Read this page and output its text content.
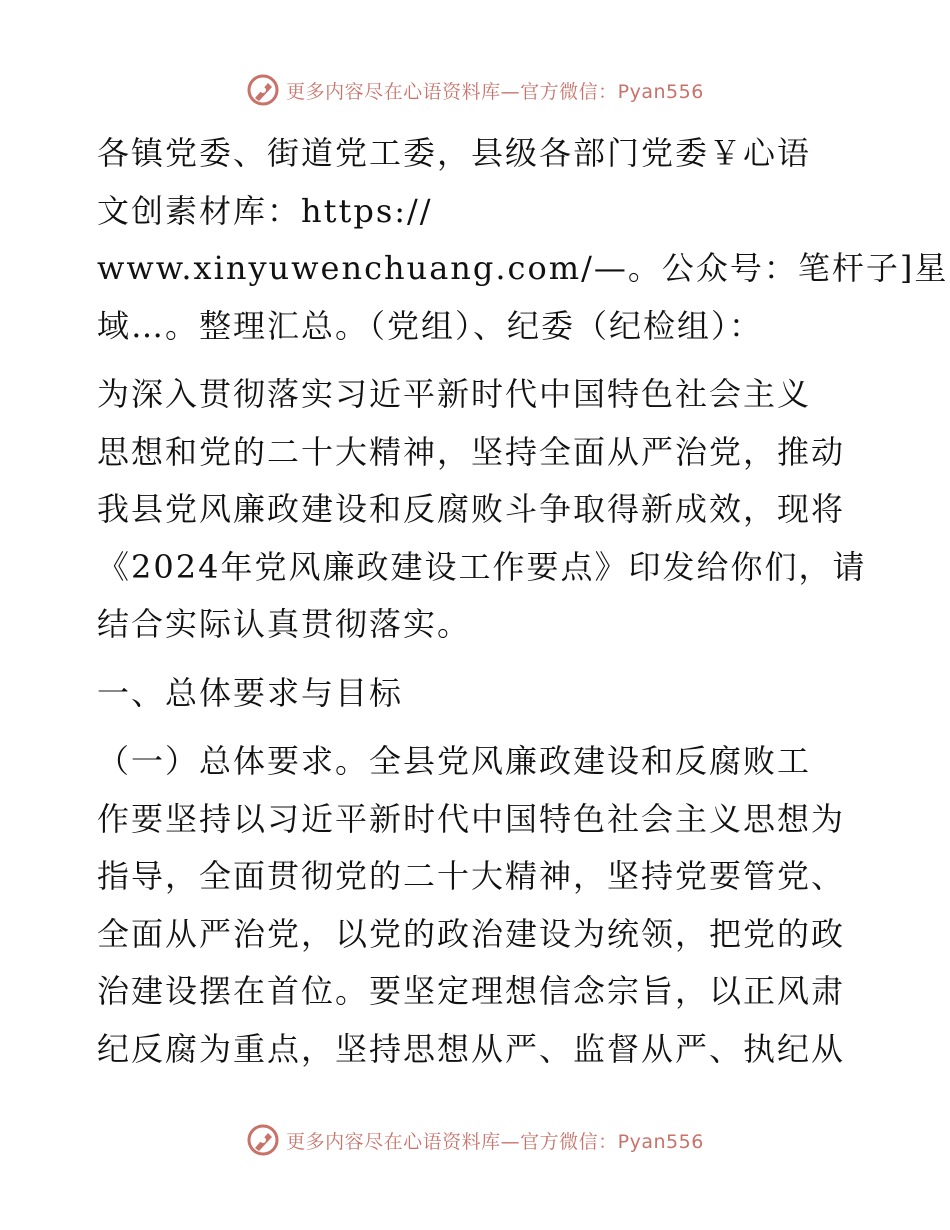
更多内容尽在心语资料库—官方微信：Pyan556

各镇党委、街道党工委，县级各部门党委￥心语
文创素材库：https://
www.xinyuwenchuang.com/—。公众号：笔杆子]星
域…。整理汇总。（党组）、纪委（纪检组）：

为深入贯彻落实习近平新时代中国特色社会主义
思想和党的二十大精神，坚持全面从严治党，推动
我县党风廉政建设和反腐败斗争取得新成效，现将
《2024年党风廉政建设工作要点》印发给你们，请
结合实际认真贯彻落实。

一、总体要求与目标

（一）总体要求。全县党风廉政建设和反腐败工
作要坚持以习近平新时代中国特色社会主义思想为
指导，全面贯彻党的二十大精神，坚持党要管党、
全面从严治党，以党的政治建设为统领，把党的政
治建设摆在首位。要坚定理想信念宗旨，以正风肃
纪反腐为重点，坚持思想从严、监督从严、执纪从

更多内容尽在心语资料库—官方微信：Pyan556
